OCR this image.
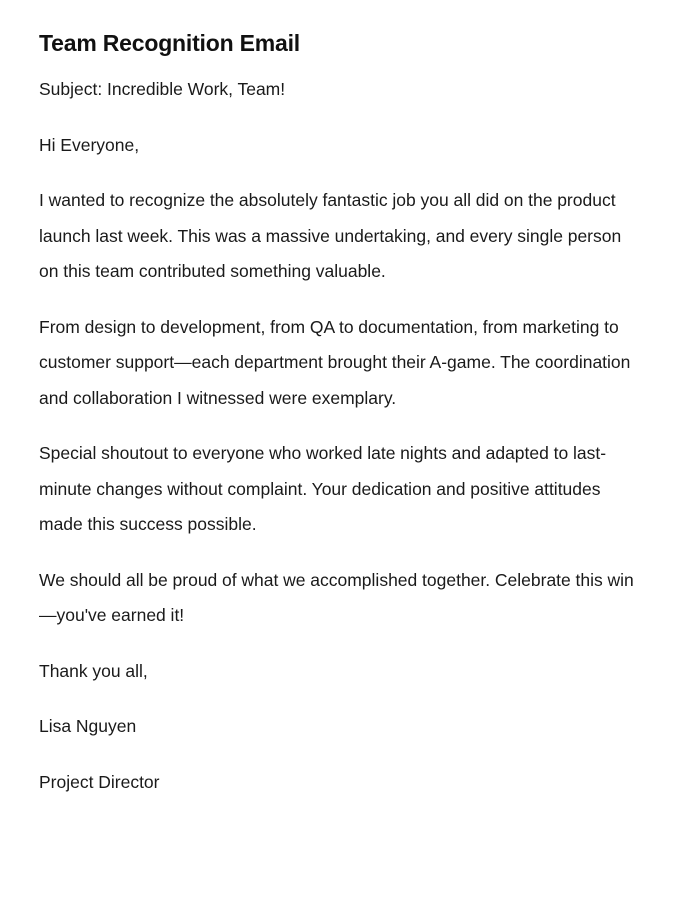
Team Recognition Email

Subject: Incredible Work, Team!

Hi Everyone,

I wanted to recognize the absolutely fantastic job you all did on the product launch last week. This was a massive undertaking, and every single person on this team contributed something valuable.

From design to development, from QA to documentation, from marketing to customer support—each department brought their A-game. The coordination and collaboration I witnessed were exemplary.

Special shoutout to everyone who worked late nights and adapted to last-minute changes without complaint. Your dedication and positive attitudes made this success possible.

We should all be proud of what we accomplished together. Celebrate this win—you've earned it!

Thank you all,

Lisa Nguyen

Project Director
